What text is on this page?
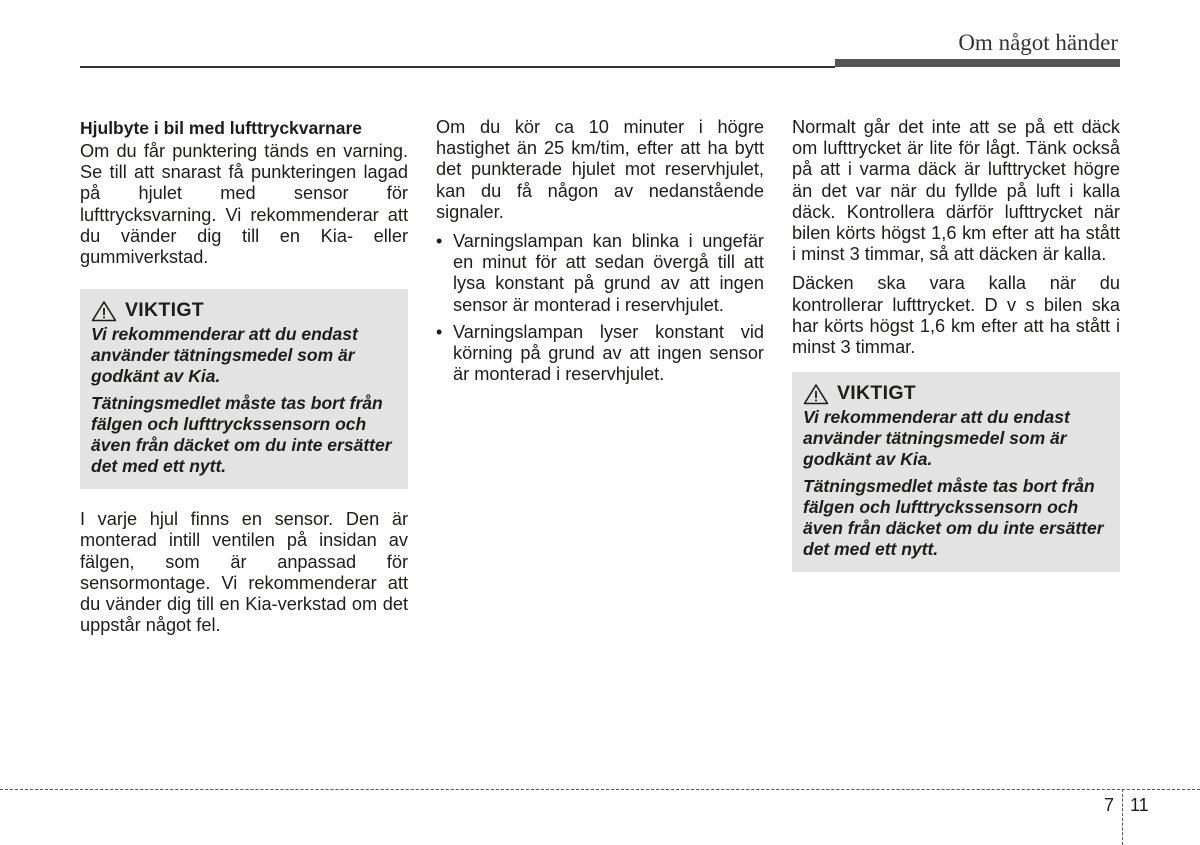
Om något händer

Hjulbyte i bil med lufttryckvarnare

Om du får punktering tänds en varning. Se till att snarast få punkteringen lagad på hjulet med sensor för lufttrycksvarning. Vi rekommenderar att du vänder dig till en Kia- eller gummiverkstad.

VIKTIGT

Vi rekommenderar att du endast använder tätningsmedel som är godkänt av Kia.

Tätningsmedlet måste tas bort från fälgen och lufttryckssensorn och även från däcket om du inte ersätter det med ett nytt.

I varje hjul finns en sensor. Den är monterad intill ventilen på insidan av fälgen, som är anpassad för sensormontage. Vi rekommenderar att du vänder dig till en Kia-verkstad om det uppstår något fel.

Om du kör ca 10 minuter i högre hastighet än 25 km/tim, efter att ha bytt det punkterade hjulet mot reservhjulet, kan du få någon av nedanstående signaler.

• Varningslampan kan blinka i ungefär en minut för att sedan övergå till att lysa konstant på grund av att ingen sensor är monterad i reservhjulet.

• Varningslampan lyser konstant vid körning på grund av att ingen sensor är monterad i reservhjulet.

Normalt går det inte att se på ett däck om lufttrycket är lite för lågt. Tänk också på att i varma däck är lufttrycket högre än det var när du fyllde på luft i kalla däck. Kontrollera därför lufttrycket när bilen körts högst 1,6 km efter att ha stått i minst 3 timmar, så att däcken är kalla.

Däcken ska vara kalla när du kontrollerar lufttrycket. D v s bilen ska har körts högst 1,6 km efter att ha stått i minst 3 timmar.

VIKTIGT

Vi rekommenderar att du endast använder tätningsmedel som är godkänt av Kia.

Tätningsmedlet måste tas bort från fälgen och lufttryckssensorn och även från däcket om du inte ersätter det med ett nytt.

7 11
